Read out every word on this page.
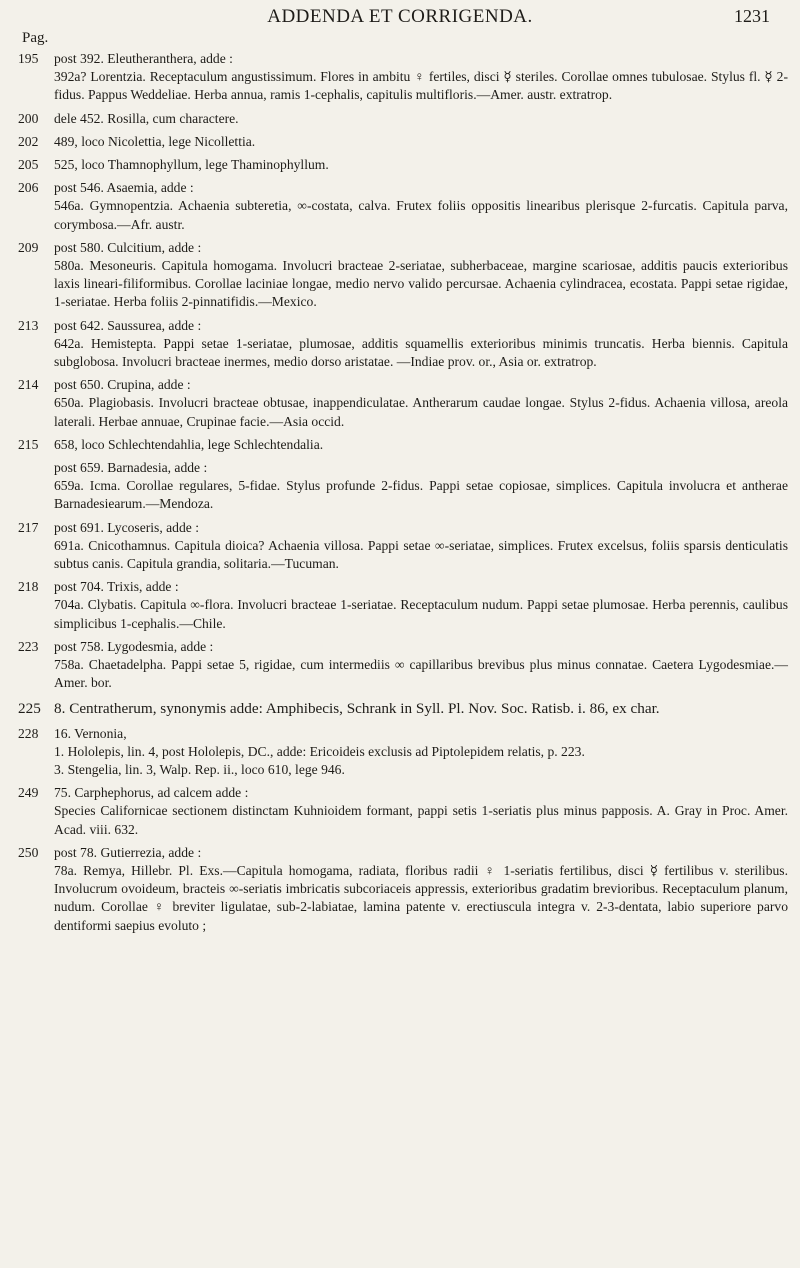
ADDENDA ET CORRIGENDA.	1231
Pag.
195 post 392. Eleutheranthera, adde :
392a? Lorentzia. Receptaculum angustissimum. Flores in ambitu ♀ fertiles, disci ☿ steriles. Corollae omnes tubulosae. Stylus fl. ☿ 2-fidus. Pappus Weddeliae. Herba annua, ramis 1-cephalis, capitulis multifloris.—Amer. austr. extratrop.
200 dele 452. Rosilla, cum charactere.
202 489, loco Nicolettia, lege Nicollettia.
205 525, loco Thamnophyllum, lege Thaminophyllum.
206 post 546. Asaemia, adde :
546a. Gymnopentzia. Achaenia subteretia, ∞-costata, calva. Frutex foliis oppositis linearibus plerisque 2-furcatis. Capitula parva, corymbosa.—Afr. austr.
209 post 580. Culcitium, adde :
580a. Mesoneuris. Capitula homogama. Involucri bracteae 2-seriatae, subherbaceae, margine scariosae, additis paucis exterioribus laxis lineari-filiformibus. Corollae laciniae longae, medio nervo valido percursae. Achaenia cylindracea, ecostata. Pappi setae rigidae, 1-seriatae. Herba foliis 2-pinnatifidis.—Mexico.
213 post 642. Saussurea, adde :
642a. Hemistepta. Pappi setae 1-seriatae, plumosae, additis squamellis exterioribus minimis truncatis. Herba biennis. Capitula subglobosa. Involucri bracteae inermes, medio dorso aristatae. —Indiae prov. or., Asia or. extratrop.
214 post 650. Crupina, adde :
650a. Plagiobasis. Involucri bracteae obtusae, inappendiculatae. Antherarum caudae longae. Stylus 2-fidus. Achaenia villosa, areola laterali. Herbae annuae, Crupinae facie.—Asia occid.
215 658, loco Schlechtendahlia, lege Schlechtendalia.
post 659. Barnadesia, adde :
659a. Icma. Corollae regulares, 5-fidae. Stylus profunde 2-fidus. Pappi setae copiosae, simplices. Capitula involucra et antherae Barnadesiearum.—Mendoza.
217 post 691. Lycoseris, adde :
691a. Cnicothamnus. Capitula dioica? Achaenia villosa. Pappi setae ∞-seriatae, simplices. Frutex excelsus, foliis sparsis denticulatis subtus canis. Capitula grandia, solitaria.—Tucuman.
218 post 704. Trixis, adde :
704a. Clybatis. Capitula ∞-flora. Involucri bracteae 1-seriatae. Receptaculum nudum. Pappi setae plumosae. Herba perennis, caulibus simplicibus 1-cephalis.—Chile.
223 post 758. Lygodesmia, adde :
758a. Chaetadelpha. Pappi setae 5, rigidae, cum intermediis ∞ capillaribus brevibus plus minus connatae. Caetera Lygodesmiae.—Amer. bor.
225 8. Centratherum, synonymis adde: Amphibecis, Schrank in Syll. Pl. Nov. Soc. Ratisb. i. 86, ex char.
228 16. Vernonia,
1. Hololepis, lin. 4, post Hololepis, DC., adde: Ericoideis exclusis ad Piptolepidem relatis, p. 223.
3. Stengelia, lin. 3, Walp. Rep. ii., loco 610, lege 946.
249 75. Carphephorus, ad calcem adde :
Species Californicae sectionem distinctam Kuhnioidem formant, pappi setis 1-seriatis plus minus papposis. A. Gray in Proc. Amer. Acad. viii. 632.
250 post 78. Gutierrezia, adde :
78a. Remya, Hillebr. Pl. Exs.—Capitula homogama, radiata, floribus radii ♀ 1-seriatis fertilibus, disci ☿ fertilibus v. sterilibus. Involucrum ovoideum, bracteis ∞-seriatis imbricatis subcoriaceis appressis, exterioribus gradatim brevioribus. Receptaculum planum, nudum. Corollae ♀ breviter ligulatae, sub-2-labiatae, lamina patente v. erectiuscula integra v. 2-3-dentata, labio superiore parvo dentiformi saepius evoluto ;
